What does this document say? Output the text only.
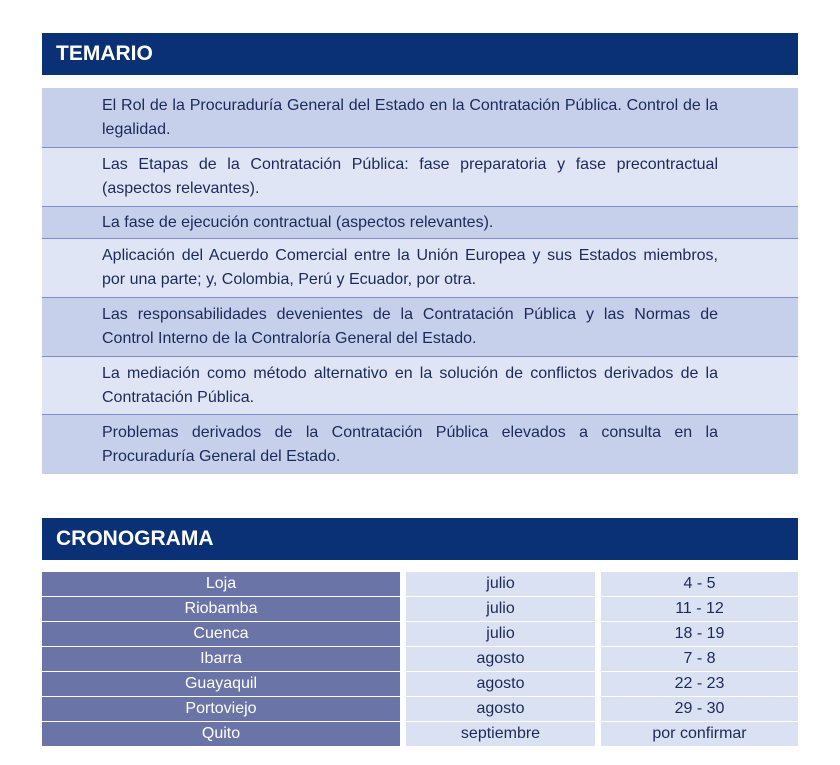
TEMARIO
El Rol de la Procuraduría General del Estado en la Contratación Pública. Control de la legalidad.
Las Etapas de la Contratación Pública: fase preparatoria y fase precontractual (aspectos relevantes).
La fase de ejecución contractual (aspectos relevantes).
Aplicación del Acuerdo Comercial entre la Unión Europea y sus Estados miembros, por una parte; y, Colombia, Perú y Ecuador, por otra.
Las responsabilidades devenientes de la Contratación Pública y las Normas de Control Interno de la Contraloría General del Estado.
La mediación como método alternativo en la solución de conflictos derivados de la Contratación Pública.
Problemas derivados de la Contratación Pública elevados a consulta en la Procuraduría General del Estado.
CRONOGRAMA
Loja	julio	4 - 5
Riobamba	julio	11 - 12
Cuenca	julio	18 - 19
Ibarra	agosto	7 - 8
Guayaquil	agosto	22 - 23
Portoviejo	agosto	29 - 30
Quito	septiembre	por confirmar
